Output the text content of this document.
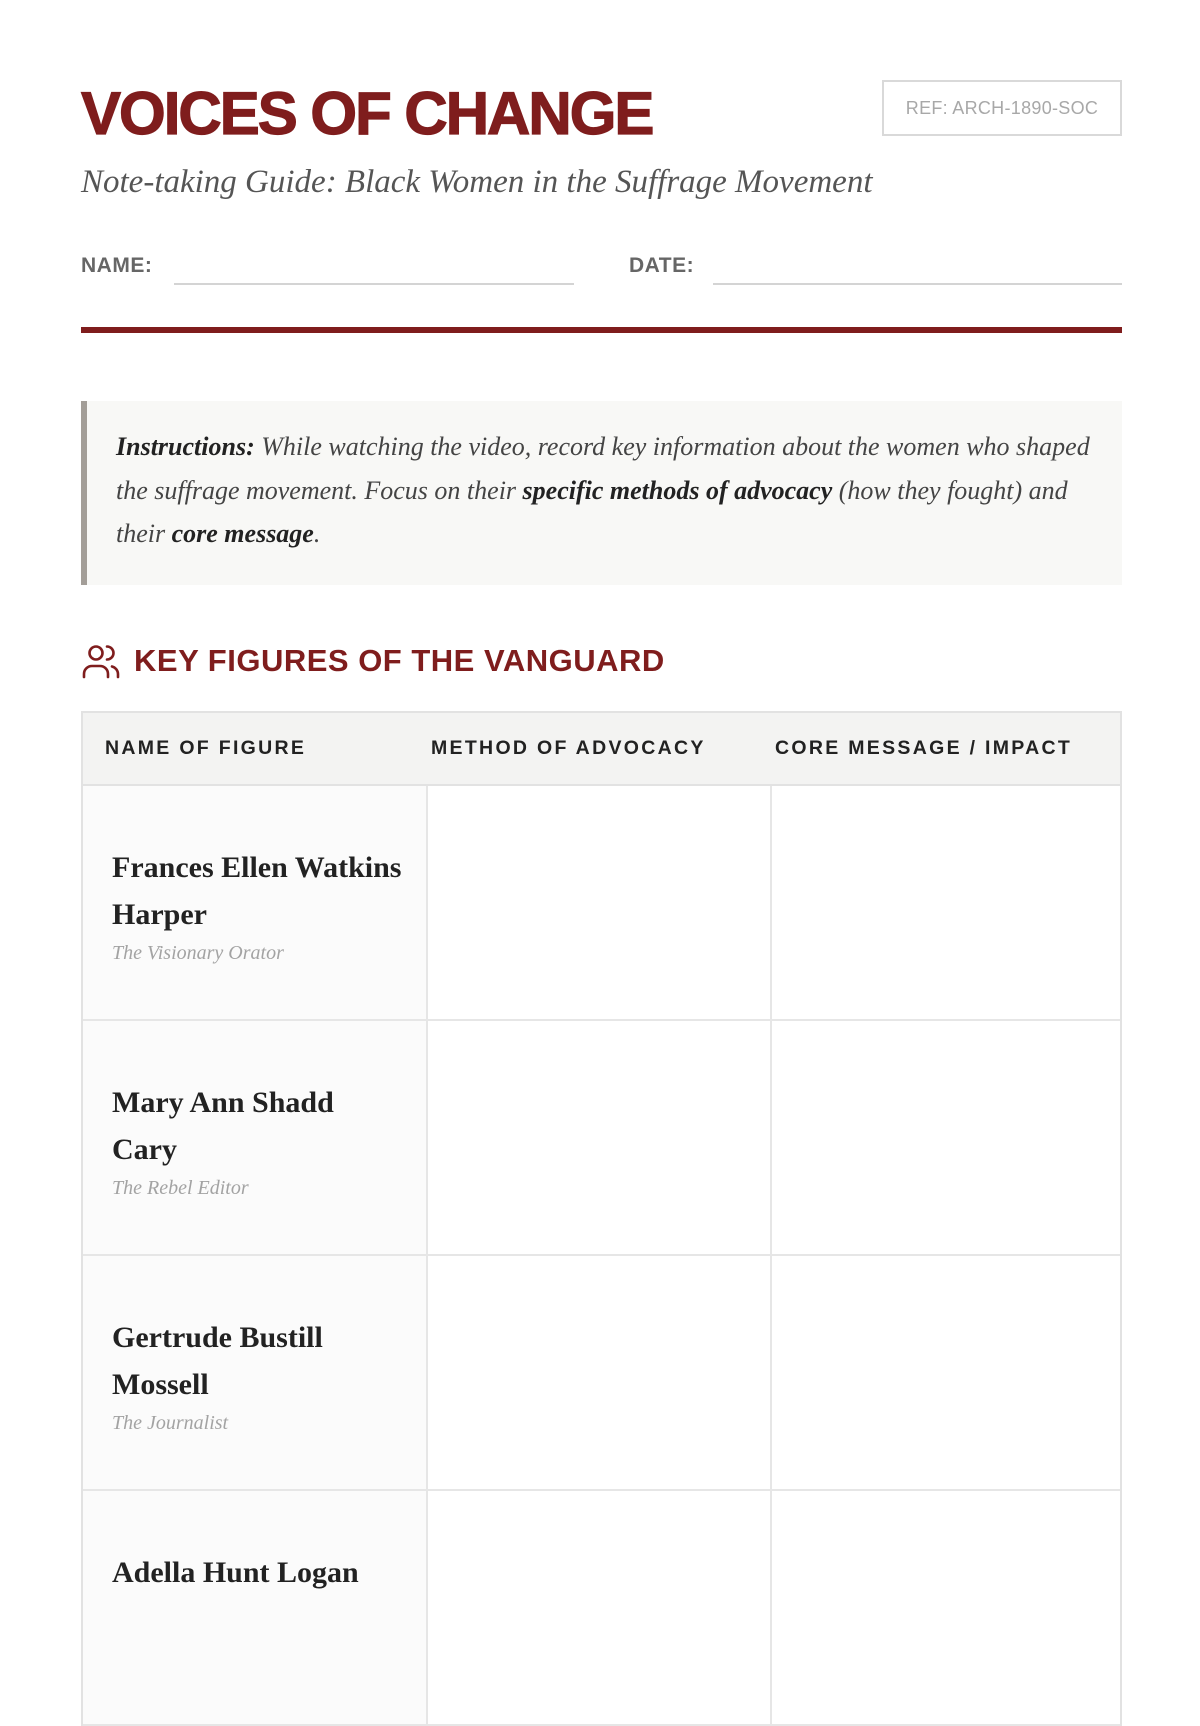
VOICES OF CHANGE	REF: ARCH-1890-SOC

Note-taking Guide: Black Women in the Suffrage Movement

NAME:	DATE:
Instructions: While watching the video, record key information about the women who shaped the suffrage movement. Focus on their specific methods of advocacy (how they fought) and their core message.
KEY FIGURES OF THE VANGUARD
NAME OF FIGURE	METHOD OF ADVOCACY	CORE MESSAGE / IMPACT
Frances Ellen Watkins Harper
The Visionary Orator
Mary Ann Shadd Cary
The Rebel Editor
Gertrude Bustill Mossell
The Journalist
Adella Hunt Logan
